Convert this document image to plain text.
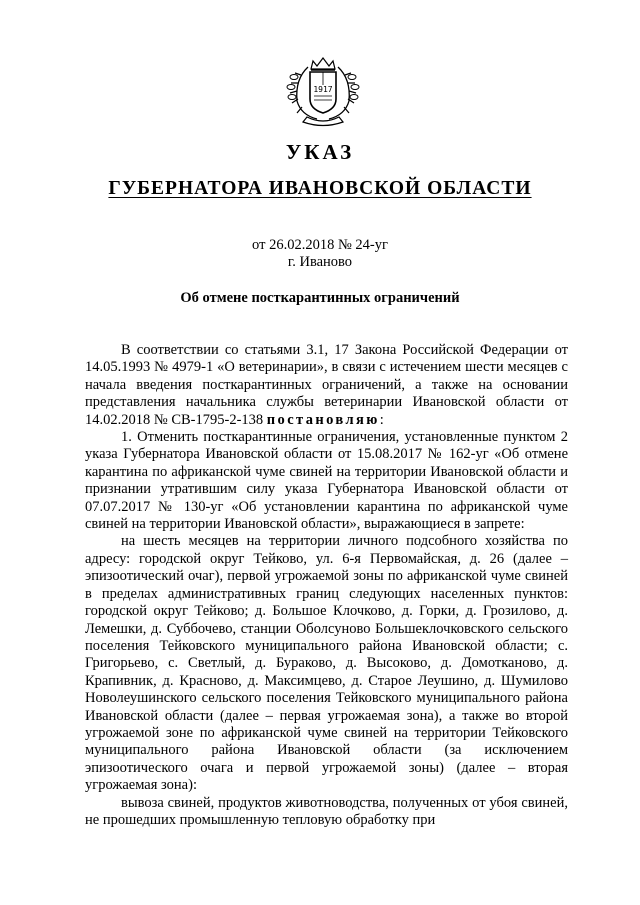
1917
УКАЗ
ГУБЕРНАТОРА ИВАНОВСКОЙ ОБЛАСТИ
от 26.02.2018 № 24-уг
г. Иваново
Об отмене посткарантинных ограничений

В соответствии со статьями 3.1, 17 Закона Российской Федерации от 14.05.1993 № 4979-1 «О ветеринарии», в связи с истечением шести месяцев с начала введения посткарантинных ограничений, а также на основании представления начальника службы ветеринарии Ивановской области от 14.02.2018 № СВ-1795-2-138 постановляю:

1. Отменить посткарантинные ограничения, установленные пунктом 2 указа Губернатора Ивановской области от 15.08.2017 № 162-уг «Об отмене карантина по африканской чуме свиней на территории Ивановской области и признании утратившим силу указа Губернатора Ивановской области от 07.07.2017 № 130-уг «Об установлении карантина по африканской чуме свиней на территории Ивановской области», выражающиеся в запрете:

на шесть месяцев на территории личного подсобного хозяйства по адресу: городской округ Тейково, ул. 6-я Первомайская, д. 26 (далее – эпизоотический очаг), первой угрожаемой зоны по африканской чуме свиней в пределах административных границ следующих населенных пунктов: городской округ Тейково; д. Большое Клочково, д. Горки, д. Грозилово, д. Лемешки, д. Суббочево, станции Оболсуново Большеклочковского сельского поселения Тейковского муниципального района Ивановской области; с. Григорьево, с. Светлый, д. Бураково, д. Высоково, д. Домотканово, д. Крапивник, д. Красново, д. Максимцево, д. Старое Леушино, д. Шумилово Новолеушинского сельского поселения Тейковского муниципального района Ивановской области (далее – первая угрожаемая зона), а также во второй угрожаемой зоне по африканской чуме свиней на территории Тейковского муниципального района Ивановской области (за исключением эпизоотического очага и первой угрожаемой зоны) (далее – вторая угрожаемая зона):

вывоза свиней, продуктов животноводства, полученных от убоя свиней, не прошедших промышленную тепловую обработку при
